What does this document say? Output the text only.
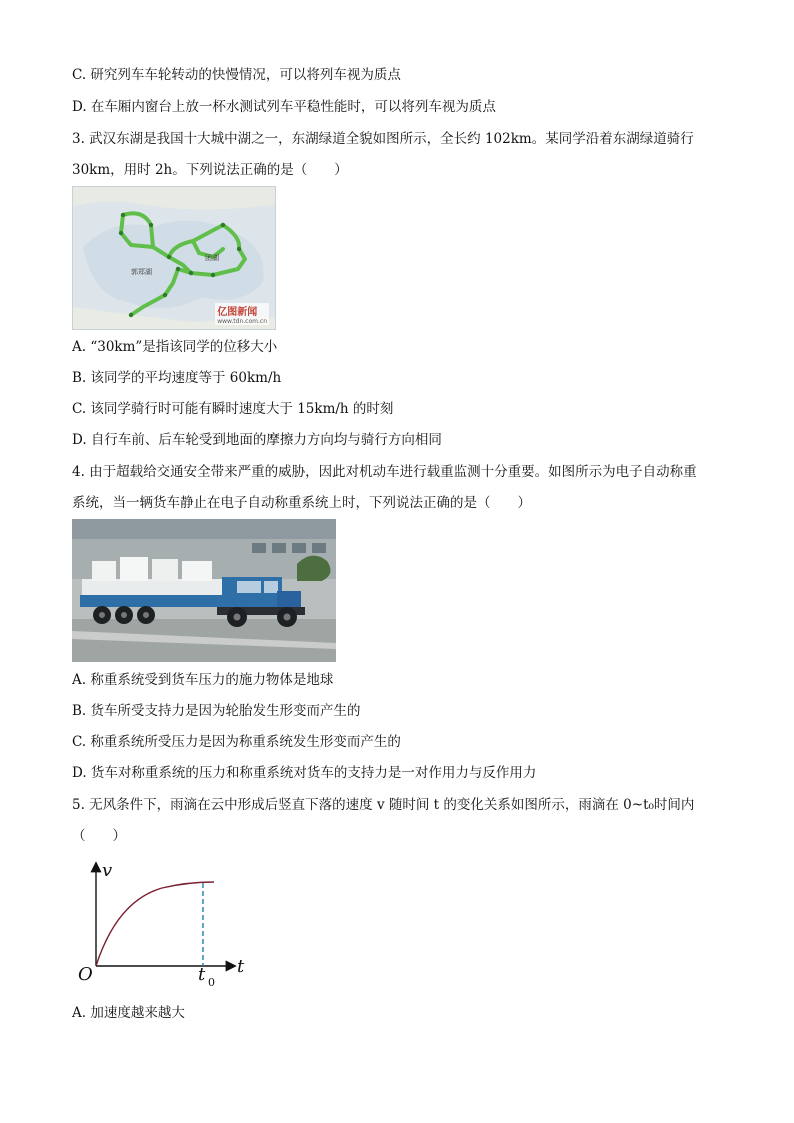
C. 研究列车车轮转动的快慢情况，可以将列车视为质点
D. 在车厢内窗台上放一杯水测试列车平稳性能时，可以将列车视为质点
3. 武汉东湖是我国十大城中湖之一，东湖绿道全貌如图所示，全长约 102km。某同学沿着东湖绿道骑行
30km，用时 2h。下列说法正确的是（　　）
郭郑湖
团湖
亿图新闻
www.tdn.com.cn
A. “30km”是指该同学的位移大小
B. 该同学的平均速度等于 60km/h
C. 该同学骑行时可能有瞬时速度大于 15km/h 的时刻
D. 自行车前、后车轮受到地面的摩擦力方向均与骑行方向相同
4. 由于超载给交通安全带来严重的威胁，因此对机动车进行载重监测十分重要。如图所示为电子自动称重
系统，当一辆货车静止在电子自动称重系统上时，下列说法正确的是（　　）
A. 称重系统受到货车压力的施力物体是地球
B. 货车所受支持力是因为轮胎发生形变而产生的
C. 称重系统所受压力是因为称重系统发生形变而产生的
D. 货车对称重系统的压力和称重系统对货车的支持力是一对作用力与反作用力
5. 无风条件下，雨滴在云中形成后竖直下落的速度 v 随时间 t 的变化关系如图所示，雨滴在 0~t₀时间内
（　　）
v
t
O	t 0
A. 加速度越来越大
